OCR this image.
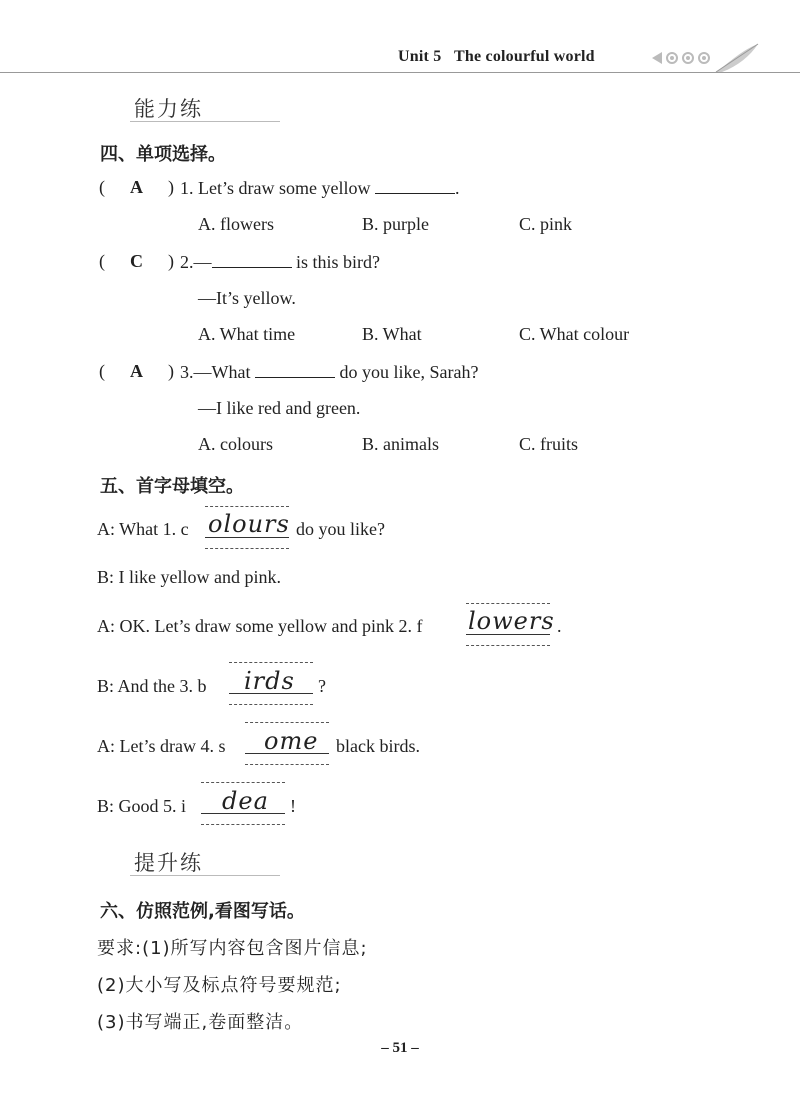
Unit 5 The colourful world
能力练
四、单项选择。
( A ) 1. Let’s draw some yellow	.
A. flowers	B. purple	C. pink
( C ) 2.—	is this bird?
—It’s yellow.
A. What time	B. What	C. What colour
( A ) 3.—What	do you like, Sarah?
—I like red and green.
A. colours	B. animals	C. fruits
五、首字母填空。
A: What 1. c olours do you like?
B: I like yellow and pink.
A: OK. Let’s draw some yellow and pink 2. f lowers .
B: And the 3. b irds ?
A: Let’s draw 4. s ome black birds.
B: Good 5. i dea !
提升练
六、仿照范例,看图写话。
要求:(1)所写内容包含图片信息;
(2)大小写及标点符号要规范;
(3)书写端正,卷面整洁。
– 51 –
